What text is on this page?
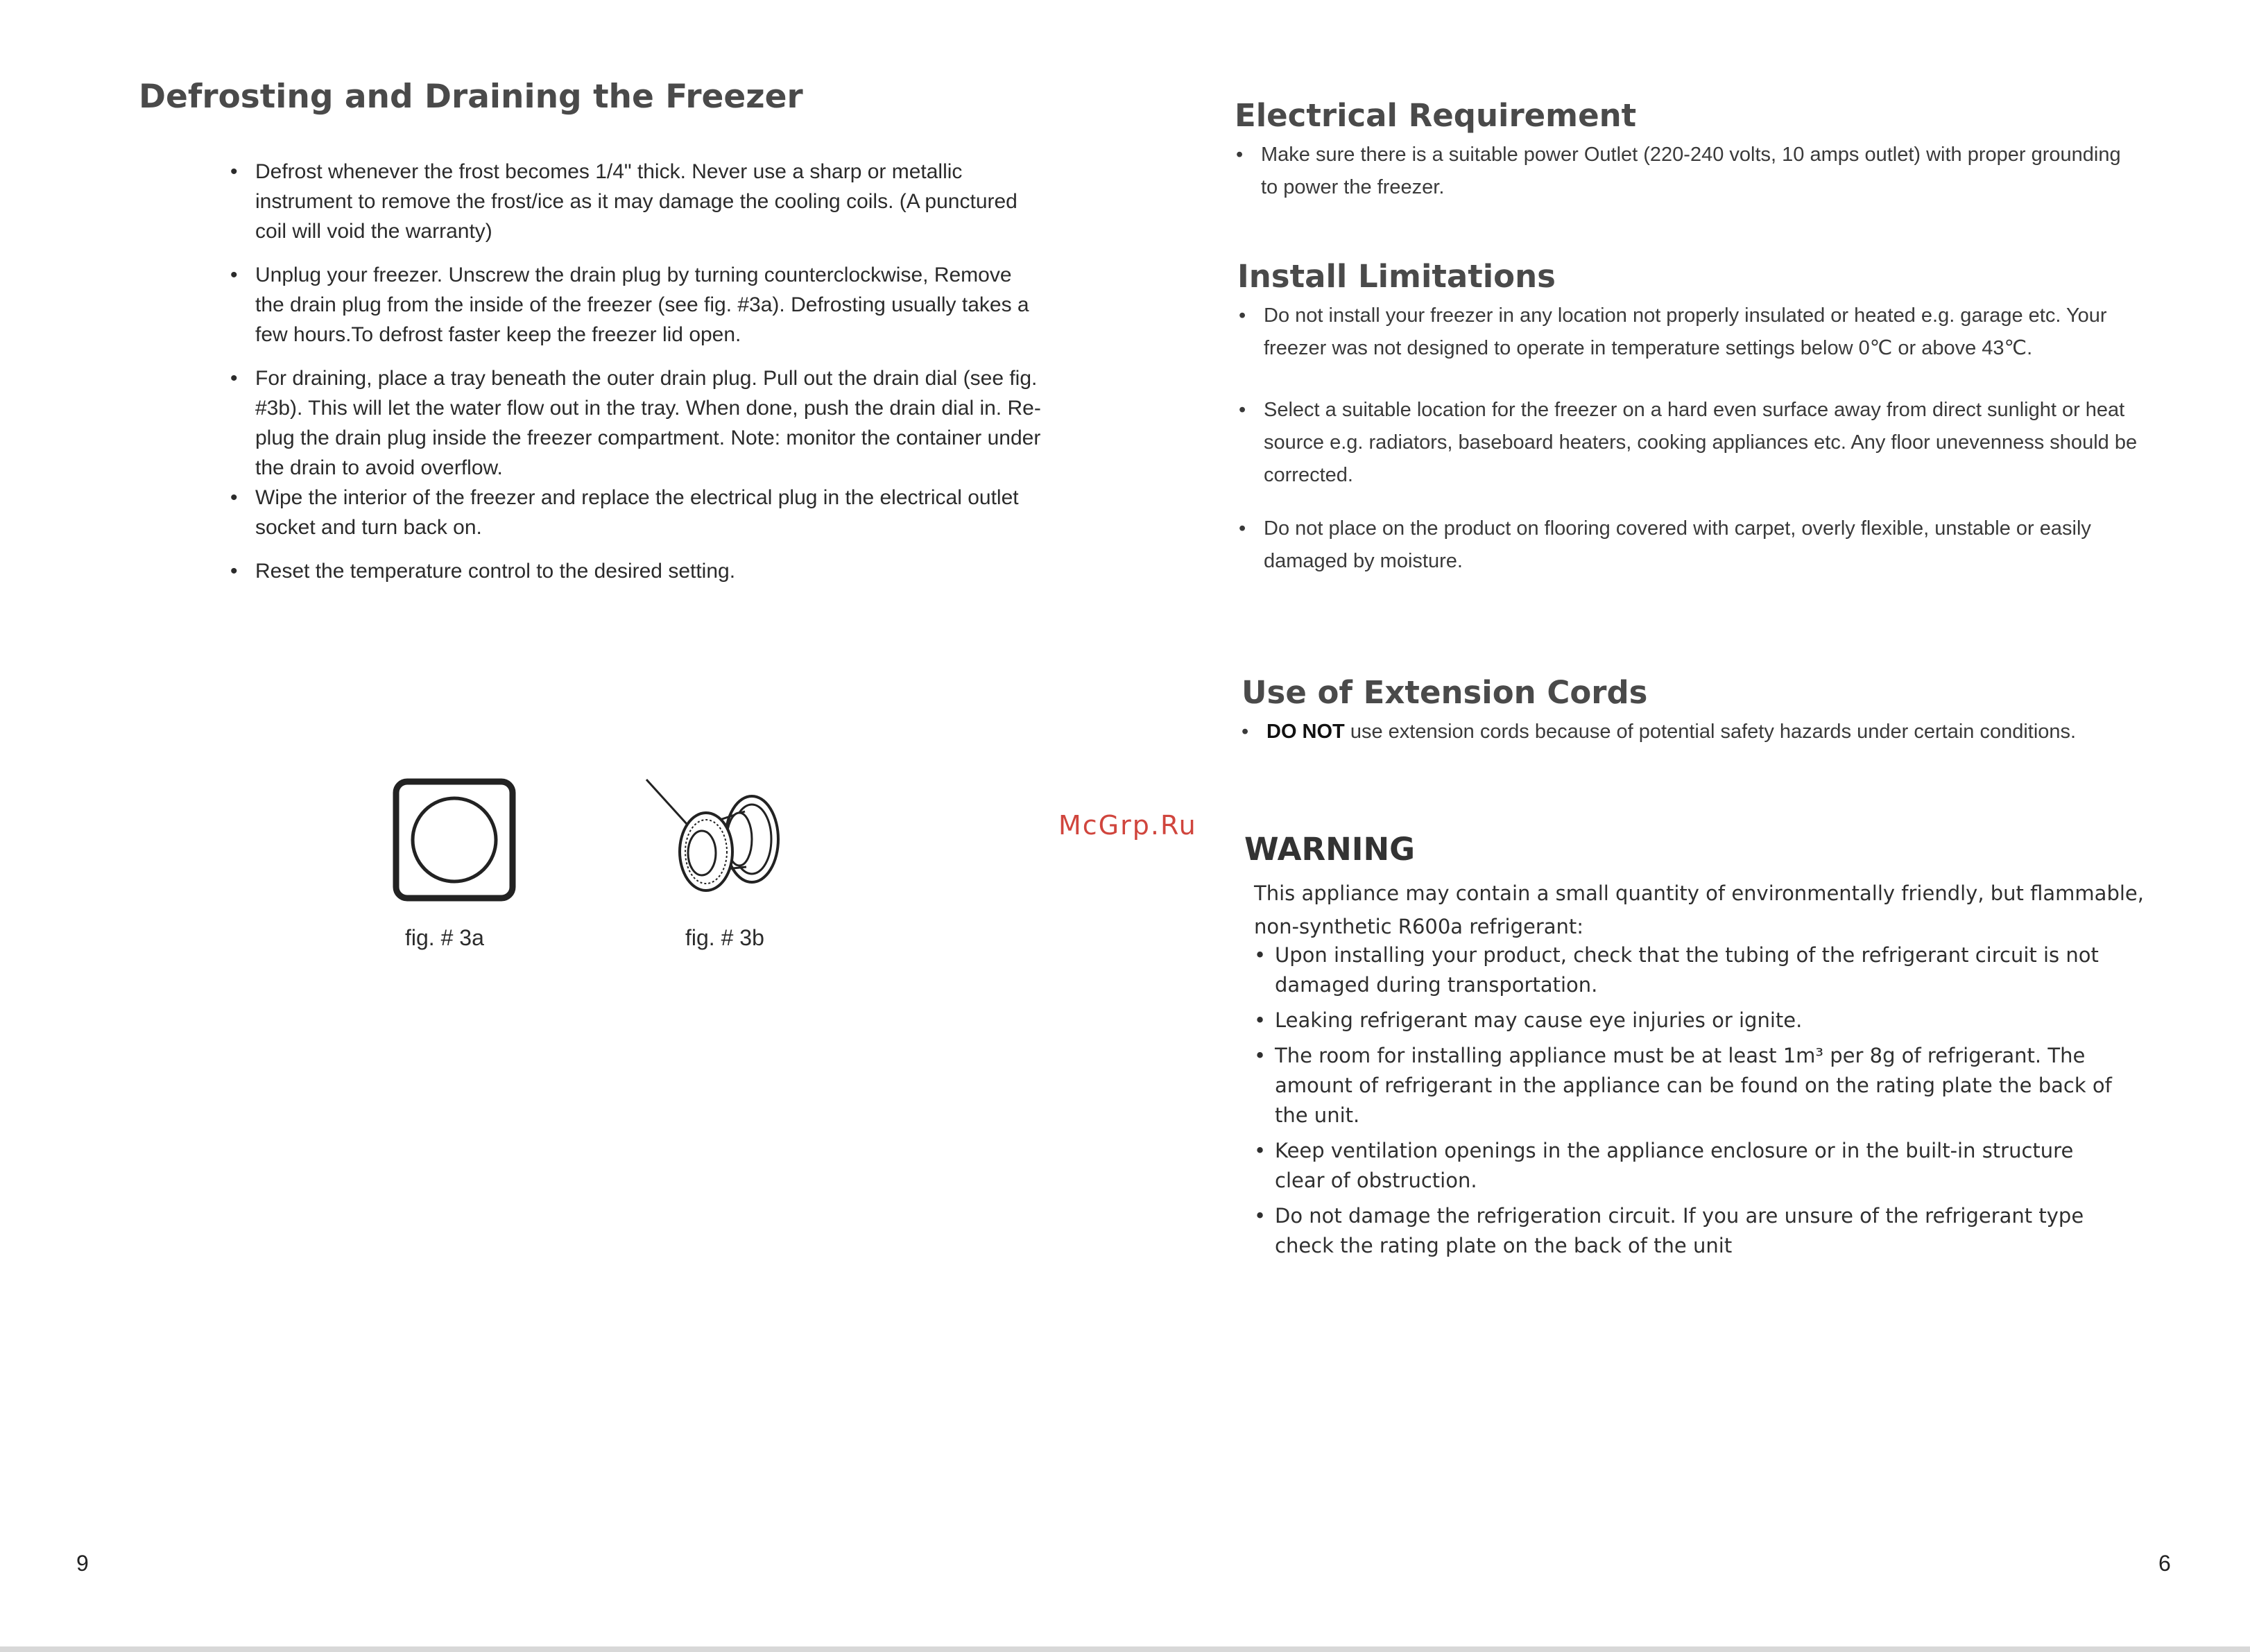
Defrosting and Draining the Freezer
• Defrost whenever the frost becomes 1/4" thick. Never use a sharp or metallic instrument to remove the frost/ice as it may damage the cooling coils. (A punctured coil will void the warranty)
• Unplug your freezer. Unscrew the drain plug by turning counterclockwise, Remove the drain plug from the inside of the freezer (see fig. #3a). Defrosting usually takes a few hours.To defrost faster keep the freezer lid open.
• For draining, place a tray beneath the outer drain plug. Pull out the drain dial (see fig. #3b). This will let the water flow out in the tray. When done, push the drain dial in. Re-plug the drain plug inside the freezer compartment. Note: monitor the container under the drain to avoid overflow.
• Wipe the interior of the freezer and replace the electrical plug in the electrical outlet socket and turn back on.
• Reset the temperature control to the desired setting.
fig. # 3a	fig. # 3b
9
McGrp.Ru
Electrical Requirement
• Make sure there is a suitable power Outlet (220-240 volts, 10 amps outlet) with proper grounding to power the freezer.
Install Limitations
• Do not install your freezer in any location not properly insulated or heated e.g. garage etc. Your freezer was not designed to operate in temperature settings below 0℃ or above 43℃.
• Select a suitable location for the freezer on a hard even surface away from direct sunlight or heat source e.g. radiators, baseboard heaters, cooking appliances etc. Any floor unevenness should be corrected.
• Do not place on the product on flooring covered with carpet, overly flexible, unstable or easily damaged by moisture.
Use of Extension Cords
• DO NOT use extension cords because of potential safety hazards under certain conditions.
WARNING

This appliance may contain a small quantity of environmentally friendly, but flammable, non-synthetic R600a refrigerant:

• Upon installing your product, check that the tubing of the refrigerant circuit is not damaged during transportation.
• Leaking refrigerant may cause eye injuries or ignite.
• The room for installing appliance must be at least 1m³ per 8g of refrigerant. The amount of refrigerant in the appliance can be found on the rating plate the back of the unit.
• Keep ventilation openings in the appliance enclosure or in the built-in structure clear of obstruction.
• Do not damage the refrigeration circuit. If you are unsure of the refrigerant type check the rating plate on the back of the unit
6
